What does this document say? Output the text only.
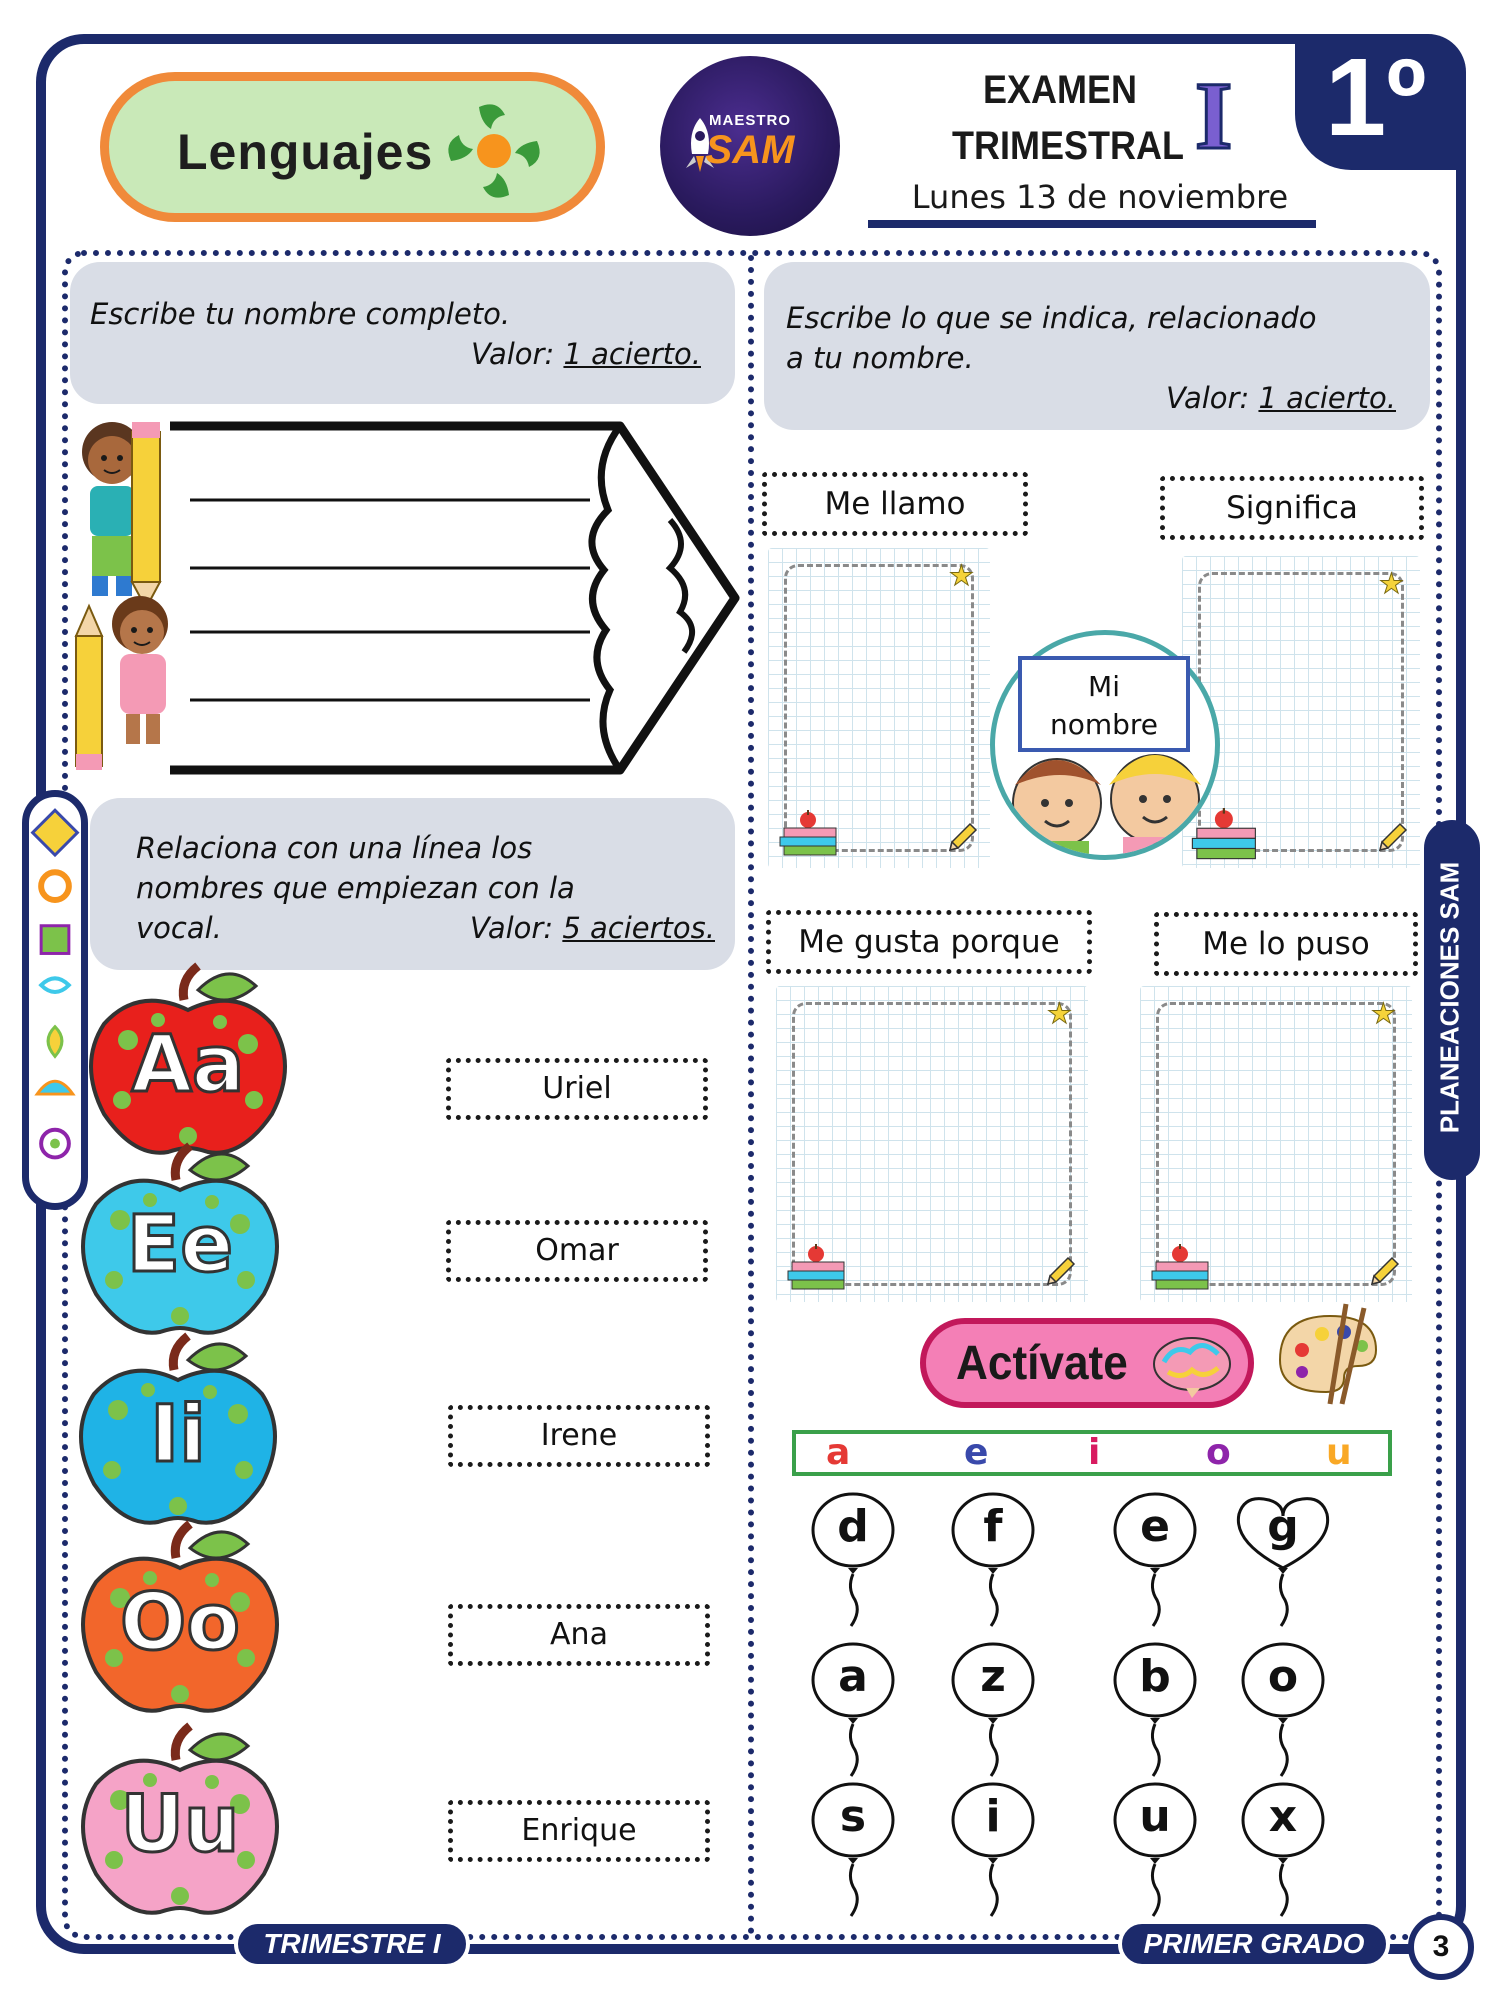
Lenguajes
MAESTRO
SAM
EXAMEN
TRIMESTRAL I
Lunes 13 de noviembre
1º
Escribe tu nombre completo.
Valor: 1 acierto.
Relaciona con una línea los
nombres que empiezan con la
vocal.	Valor: 5 aciertos.
Aa
Ee
Ii
Oo
Uu
Uriel
Omar
Irene
Ana
Enrique
Escribe lo que se indica, relacionado
a tu nombre.
Valor: 1 acierto.
Me llamo	Significa
★	★
Mi
nombre
Me gusta porque	Me lo puso
★	★
Actívate
a	e	i	o	u
d	f	e	g
a	z	b	o
s	i	u	x
PLANEACIONES SAM
TRIMESTRE I	PRIMER GRADO	3
